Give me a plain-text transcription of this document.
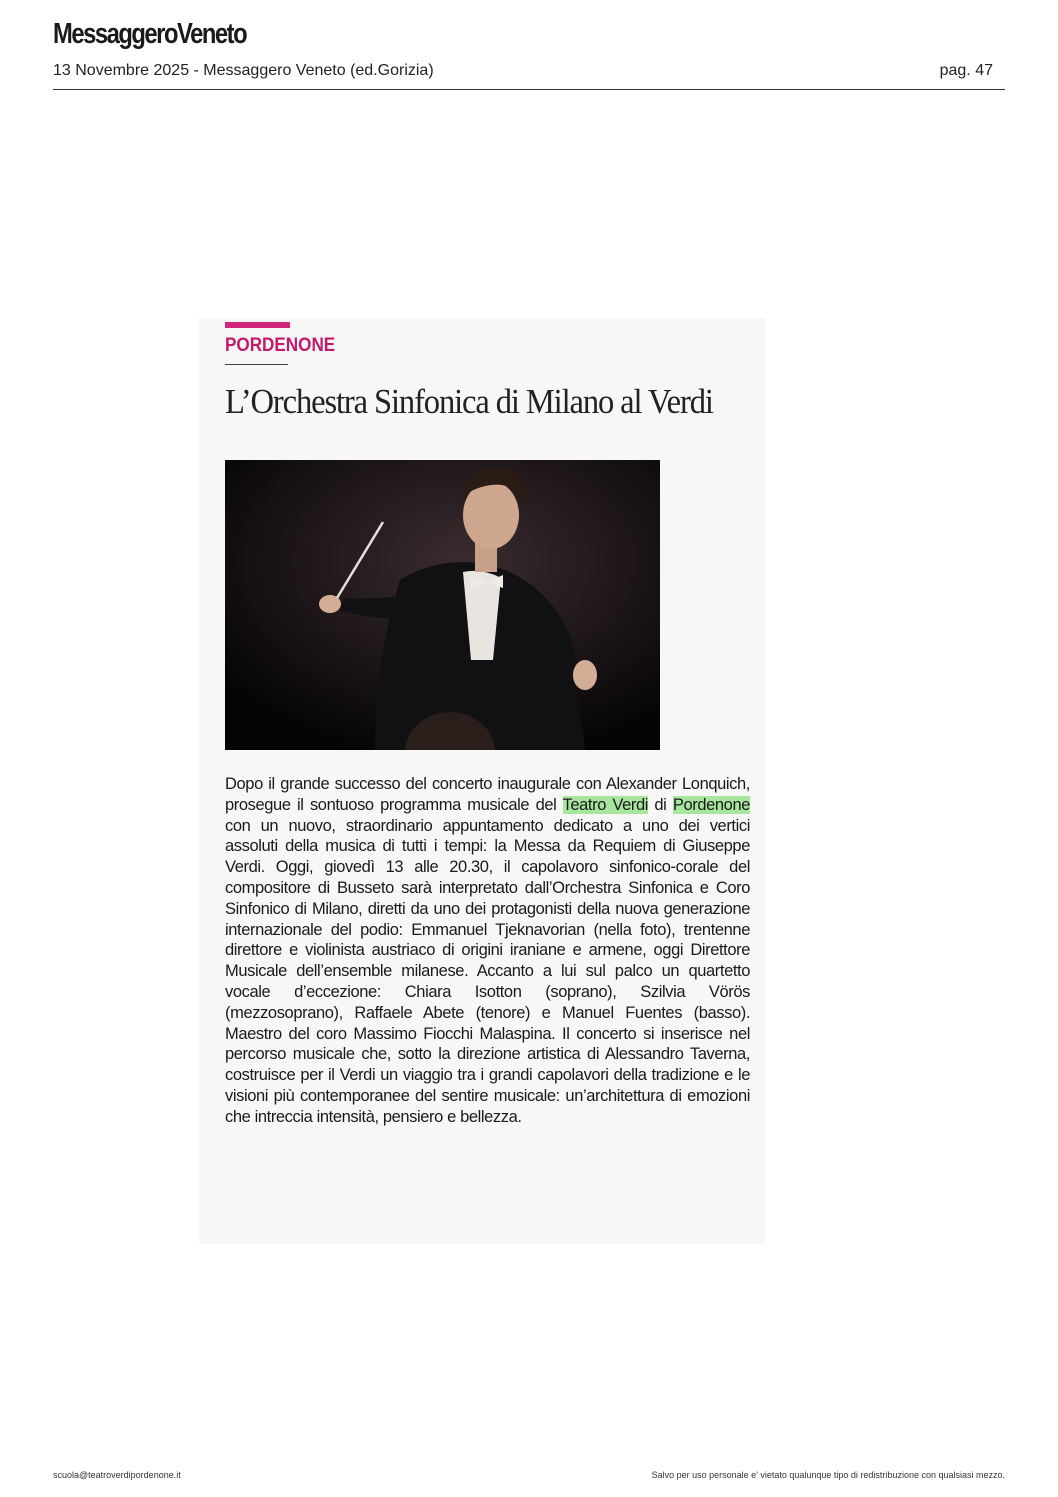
MessaggeroVeneto
13 Novembre 2025 - Messaggero Veneto (ed.Gorizia)	pag. 47
PORDENONE
L’Orchestra Sinfonica di Milano al Verdi
Dopo il grande successo del concerto inaugurale con Alexander Lonquich, prosegue il sontuoso programma musicale del Teatro Verdi di Pordenone con un nuovo, straordinario appuntamento dedicato a uno dei vertici assoluti della musica di tutti i tempi: la Messa da Requiem di Giuseppe Verdi. Oggi, giovedì 13 alle 20.30, il capolavoro sinfonico-corale del compositore di Busseto sarà interpretato dall’Orchestra Sinfonica e Coro Sinfonico di Milano, diretti da uno dei protagonisti della nuova generazione internazionale del podio: Emmanuel Tjeknavorian (nella foto), trentenne direttore e violinista austriaco di origini iraniane e armene, oggi Direttore Musicale dell’ensemble milanese. Accanto a lui sul palco un quartetto vocale d’eccezione: Chiara Isotton (soprano), Szilvia Vörös (mezzosoprano), Raffaele Abete (tenore) e Manuel Fuentes (basso). Maestro del coro Massimo Fiocchi Malaspina. Il concerto si inserisce nel percorso musicale che, sotto la direzione artistica di Alessandro Taverna, costruisce per il Verdi un viaggio tra i grandi capolavori della tradizione e le visioni più contemporanee del sentire musicale: un’architettura di emozioni che intreccia intensità, pensiero e bellezza.
scuola@teatroverdipordenone.it	Salvo per uso personale e' vietato qualunque tipo di redistribuzione con qualsiasi mezzo.
